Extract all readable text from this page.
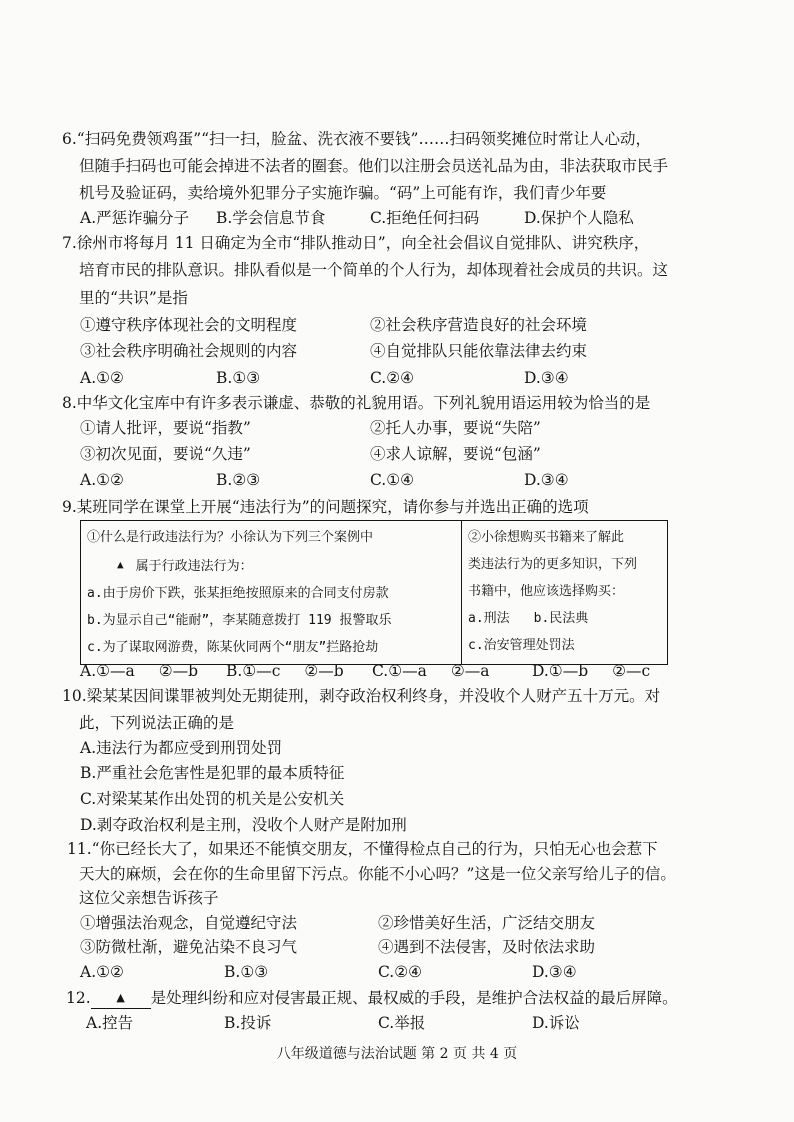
6.“扫码免费领鸡蛋”“扫一扫，脸盆、洗衣液不要钱”……扫码领奖摊位时常让人心动，
但随手扫码也可能会掉进不法者的圈套。他们以注册会员送礼品为由，非法获取市民手
机号及验证码，卖给境外犯罪分子实施诈骗。“码”上可能有诈，我们青少年要
A.严惩诈骗分子 B.学会信息节食	C.拒绝任何扫码	D.保护个人隐私
7.徐州市将每月 11 日确定为全市“排队推动日”，向全社会倡议自觉排队、讲究秩序，
培育市民的排队意识。排队看似是一个简单的个人行为，却体现着社会成员的共识。这
里的“共识”是指
①遵守秩序体现社会的文明程度	②社会秩序营造良好的社会环境
③社会秩序明确社会规则的内容	④自觉排队只能依靠法律去约束
A.①②	B.①③	C.②④	D.③④
8.中华文化宝库中有许多表示谦虚、恭敬的礼貌用语。下列礼貌用语运用较为恰当的是
①请人批评，要说“指教”	②托人办事，要说“失陪”
③初次见面，要说“久违”	④求人谅解，要说“包涵”
A.①②	B.②③	C.①④	D.③④
9.某班同学在课堂上开展“违法行为”的问题探究，请你参与并选出正确的选项
①什么是行政违法行为？小徐认为下列三个案例中
▲ 属于行政违法行为：
a.由于房价下跌，张某拒绝按照原来的合同支付房款
b.为显示自己“能耐”，李某随意拨打 119 报警取乐
c.为了谋取网游费，陈某伙同两个“朋友”拦路抢劫

②小徐想购买书籍来了解此
类违法行为的更多知识，下列
书籍中，他应该选择购买：
a.刑法 b.民法典
c.治安管理处罚法
A.①—a ②—b B.①—c ②—b C.①—a ②—a	D.①—b ②—c
10.梁某某因间谍罪被判处无期徒刑，剥夺政治权利终身，并没收个人财产五十万元。对
此，下列说法正确的是
A.违法行为都应受到刑罚处罚
B.严重社会危害性是犯罪的最本质特征
C.对梁某某作出处罚的机关是公安机关
D.剥夺政治权利是主刑，没收个人财产是附加刑
11.“你已经长大了，如果还不能慎交朋友，不懂得检点自己的行为，只怕无心也会惹下
天大的麻烦，会在你的生命里留下污点。你能不小心吗？”这是一位父亲写给儿子的信。
这位父亲想告诉孩子
①增强法治观念，自觉遵纪守法	②珍惜美好生活，广泛结交朋友
③防微杜渐，避免沾染不良习气	④遇到不法侵害，及时依法求助
A.①②	B.①③	C.②④	D.③④
12. ▲ 是处理纠纷和应对侵害最正规、最权威的手段，是维护合法权益的最后屏障。
A.控告	B.投诉	C.举报	D.诉讼
八年级道德与法治试题 第 2 页 共 4 页
